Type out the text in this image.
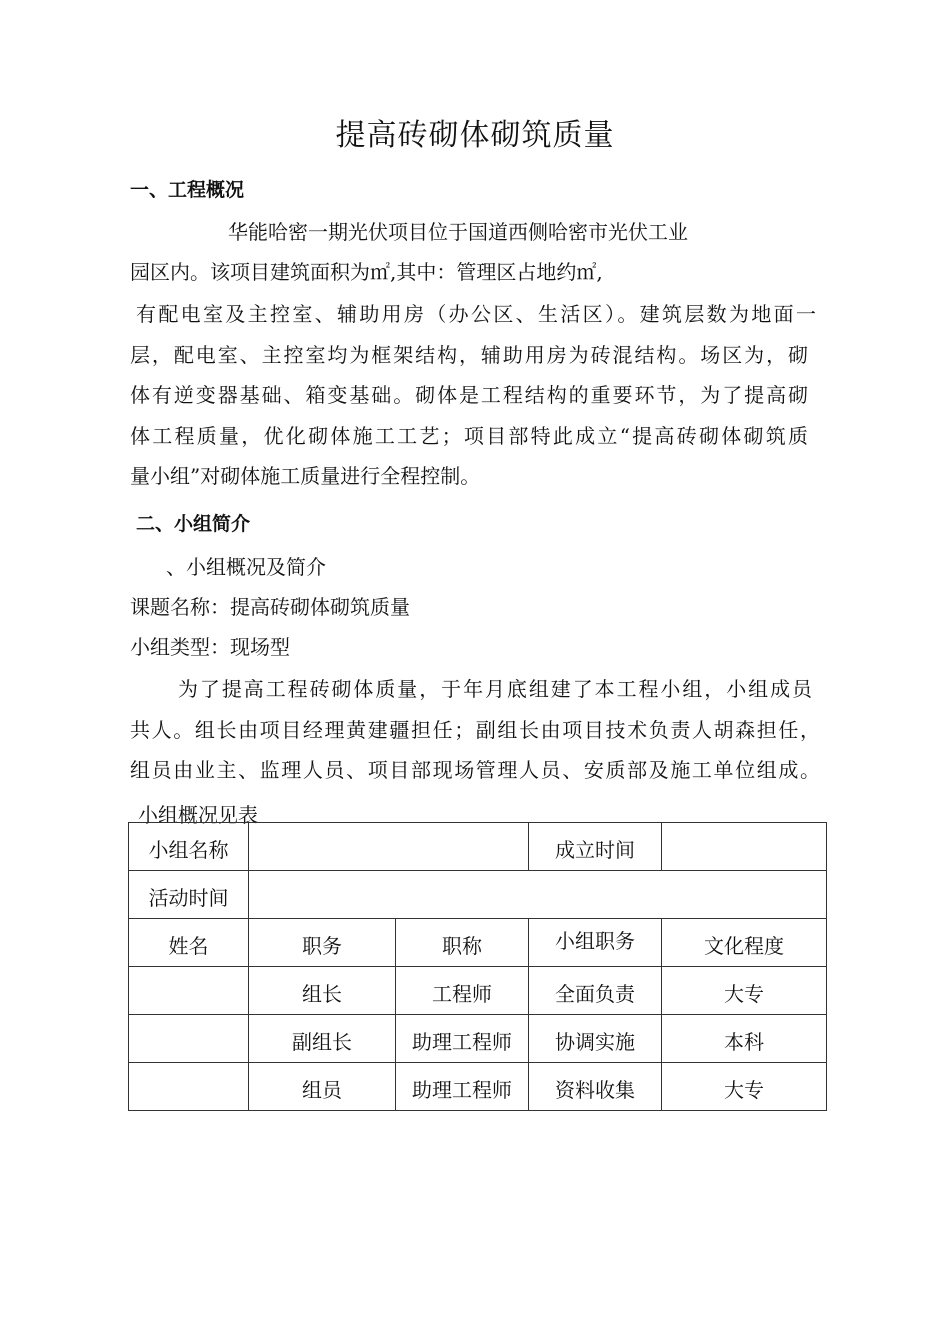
提高砖砌体砌筑质量
一、工程概况
华能哈密一期光伏项目位于国道西侧哈密市光伏工业
园区内。该项目建筑面积为㎡,其中：管理区占地约㎡,
有配电室及主控室、辅助用房（办公区、生活区）。建筑层数为地面一
层，配电室、主控室均为框架结构，辅助用房为砖混结构。场区为，砌
体有逆变器基础、箱变基础。砌体是工程结构的重要环节，为了提高砌
体工程质量，优化砌体施工工艺；项目部特此成立“提高砖砌体砌筑质
量小组”对砌体施工质量进行全程控制。
二、小组简介
、小组概况及简介
课题名称：提高砖砌体砌筑质量
小组类型：现场型
为了提高工程砖砌体质量，于年月底组建了本工程小组，小组成员
共人。组长由项目经理黄建疆担任；副组长由项目技术负责人胡森担任，
组员由业主、监理人员、项目部现场管理人员、安质部及施工单位组成。
小组概况见表
小组名称			成立时间	
活动时间				
姓名	职务	职称	小组职务	文化程度
	组长	工程师	全面负责	大专
	副组长	助理工程师	协调实施	本科
	组员	助理工程师	资料收集	大专
